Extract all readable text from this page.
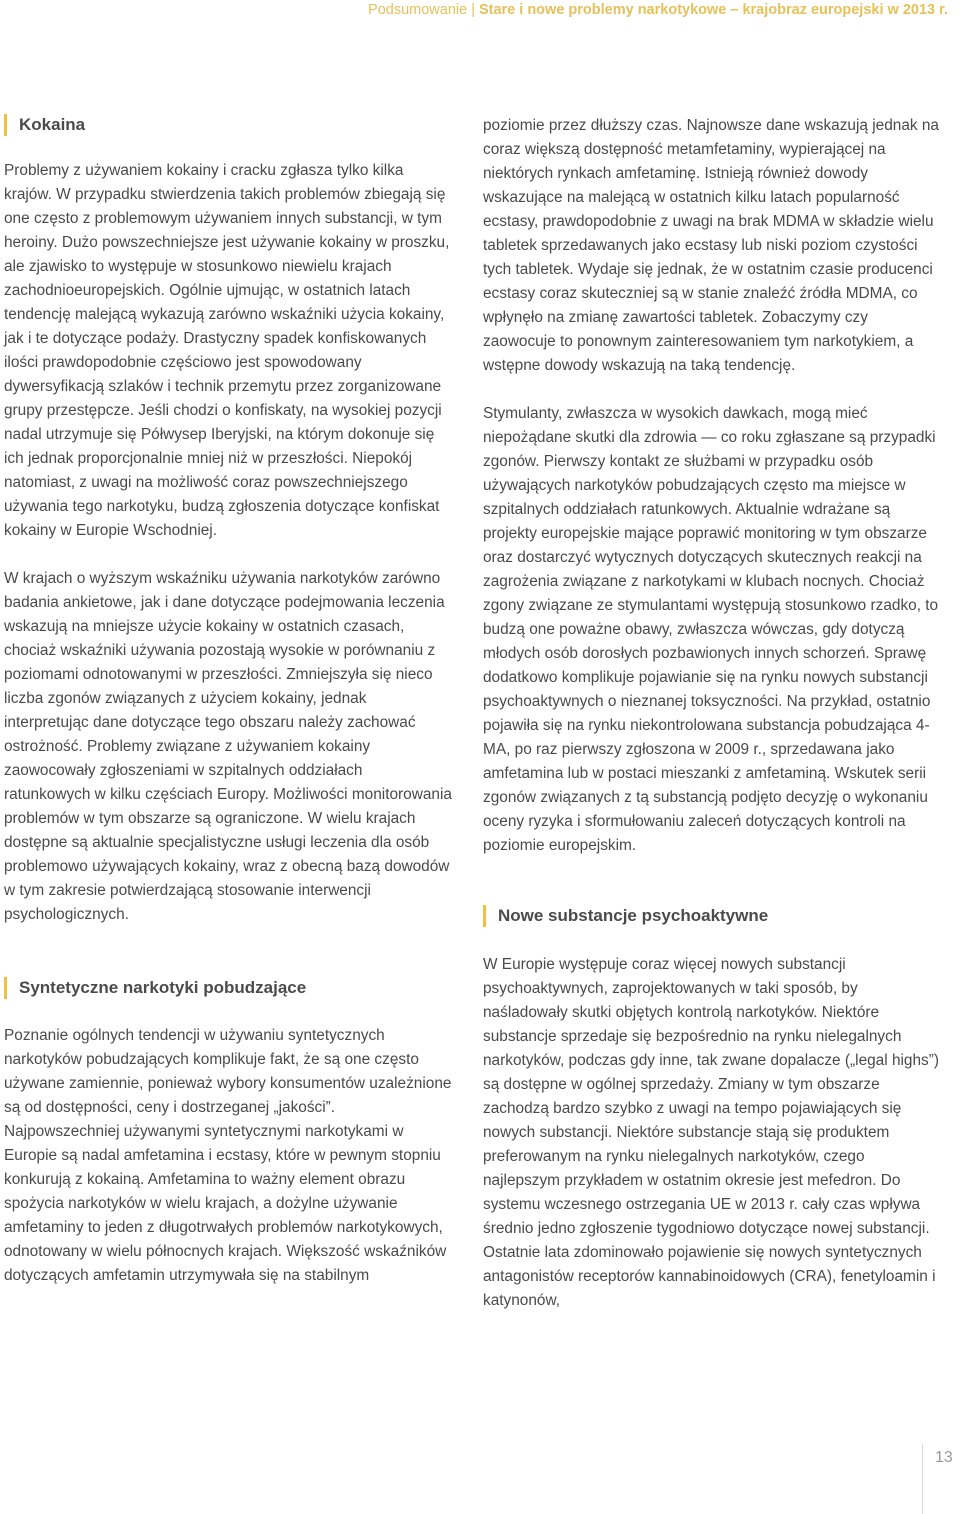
Podsumowanie | Stare i nowe problemy narkotykowe – krajobraz europejski w 2013 r.
Kokaina

Problemy z używaniem kokainy i cracku zgłasza tylko kilka krajów. W przypadku stwierdzenia takich problemów zbiegają się one często z problemowym używaniem innych substancji, w tym heroiny. Dużo powszechniejsze jest używanie kokainy w proszku, ale zjawisko to występuje w stosunkowo niewielu krajach zachodnioeuropejskich. Ogólnie ujmując, w ostatnich latach tendencję malejącą wykazują zarówno wskaźniki użycia kokainy, jak i te dotyczące podaży. Drastyczny spadek konfiskowanych ilości prawdopodobnie częściowo jest spowodowany dywersyfikacją szlaków i technik przemytu przez zorganizowane grupy przestępcze. Jeśli chodzi o konfiskaty, na wysokiej pozycji nadal utrzymuje się Półwysep Iberyjski, na którym dokonuje się ich jednak proporcjonalnie mniej niż w przeszłości. Niepokój natomiast, z uwagi na możliwość coraz powszechniejszego używania tego narkotyku, budzą zgłoszenia dotyczące konfiskat kokainy w Europie Wschodniej.

W krajach o wyższym wskaźniku używania narkotyków zarówno badania ankietowe, jak i dane dotyczące podejmowania leczenia wskazują na mniejsze użycie kokainy w ostatnich czasach, chociaż wskaźniki używania pozostają wysokie w porównaniu z poziomami odnotowanymi w przeszłości. Zmniejszyła się nieco liczba zgonów związanych z użyciem kokainy, jednak interpretując dane dotyczące tego obszaru należy zachować ostrożność. Problemy związane z używaniem kokainy zaowocowały zgłoszeniami w szpitalnych oddziałach ratunkowych w kilku częściach Europy. Możliwości monitorowania problemów w tym obszarze są ograniczone. W wielu krajach dostępne są aktualnie specjalistyczne usługi leczenia dla osób problemowo używających kokainy, wraz z obecną bazą dowodów w tym zakresie potwierdzającą stosowanie interwencji psychologicznych.

Syntetyczne narkotyki pobudzające

Poznanie ogólnych tendencji w używaniu syntetycznych narkotyków pobudzających komplikuje fakt, że są one często używane zamiennie, ponieważ wybory konsumentów uzależnione są od dostępności, ceny i dostrzeganej „jakości”. Najpowszechniej używanymi syntetycznymi narkotykami w Europie są nadal amfetamina i ecstasy, które w pewnym stopniu konkurują z kokainą. Amfetamina to ważny element obrazu spożycia narkotyków w wielu krajach, a dożylne używanie amfetaminy to jeden z długotrwałych problemów narkotykowych, odnotowany w wielu północnych krajach. Większość wskaźników dotyczących amfetamin utrzymywała się na stabilnym

poziomie przez dłuższy czas. Najnowsze dane wskazują jednak na coraz większą dostępność metamfetaminy, wypierającej na niektórych rynkach amfetaminę. Istnieją również dowody wskazujące na malejącą w ostatnich kilku latach popularność ecstasy, prawdopodobnie z uwagi na brak MDMA w składzie wielu tabletek sprzedawanych jako ecstasy lub niski poziom czystości tych tabletek. Wydaje się jednak, że w ostatnim czasie producenci ecstasy coraz skuteczniej są w stanie znaleźć źródła MDMA, co wpłynęło na zmianę zawartości tabletek. Zobaczymy czy zaowocuje to ponownym zainteresowaniem tym narkotykiem, a wstępne dowody wskazują na taką tendencję.

Stymulanty, zwłaszcza w wysokich dawkach, mogą mieć niepożądane skutki dla zdrowia — co roku zgłaszane są przypadki zgonów. Pierwszy kontakt ze służbami w przypadku osób używających narkotyków pobudzających często ma miejsce w szpitalnych oddziałach ratunkowych. Aktualnie wdrażane są projekty europejskie mające poprawić monitoring w tym obszarze oraz dostarczyć wytycznych dotyczących skutecznych reakcji na zagrożenia związane z narkotykami w klubach nocnych. Chociaż zgony związane ze stymulantami występują stosunkowo rzadko, to budzą one poważne obawy, zwłaszcza wówczas, gdy dotyczą młodych osób dorosłych pozbawionych innych schorzeń. Sprawę dodatkowo komplikuje pojawianie się na rynku nowych substancji psychoaktywnych o nieznanej toksyczności. Na przykład, ostatnio pojawiła się na rynku niekontrolowana substancja pobudzająca 4-MA, po raz pierwszy zgłoszona w 2009 r., sprzedawana jako amfetamina lub w postaci mieszanki z amfetaminą. Wskutek serii zgonów związanych z tą substancją podjęto decyzję o wykonaniu oceny ryzyka i sformułowaniu zaleceń dotyczących kontroli na poziomie europejskim.

Nowe substancje psychoaktywne

W Europie występuje coraz więcej nowych substancji psychoaktywnych, zaprojektowanych w taki sposób, by naśladowały skutki objętych kontrolą narkotyków. Niektóre substancje sprzedaje się bezpośrednio na rynku nielegalnych narkotyków, podczas gdy inne, tak zwane dopalacze („legal highs”) są dostępne w ogólnej sprzedaży. Zmiany w tym obszarze zachodzą bardzo szybko z uwagi na tempo pojawiających się nowych substancji. Niektóre substancje stają się produktem preferowanym na rynku nielegalnych narkotyków, czego najlepszym przykładem w ostatnim okresie jest mefedron. Do systemu wczesnego ostrzegania UE w 2013 r. cały czas wpływa średnio jedno zgłoszenie tygodniowo dotyczące nowej substancji. Ostatnie lata zdominowało pojawienie się nowych syntetycznych antagonistów receptorów kannabinoidowych (CRA), fenetyloamin i katynonów,

13
